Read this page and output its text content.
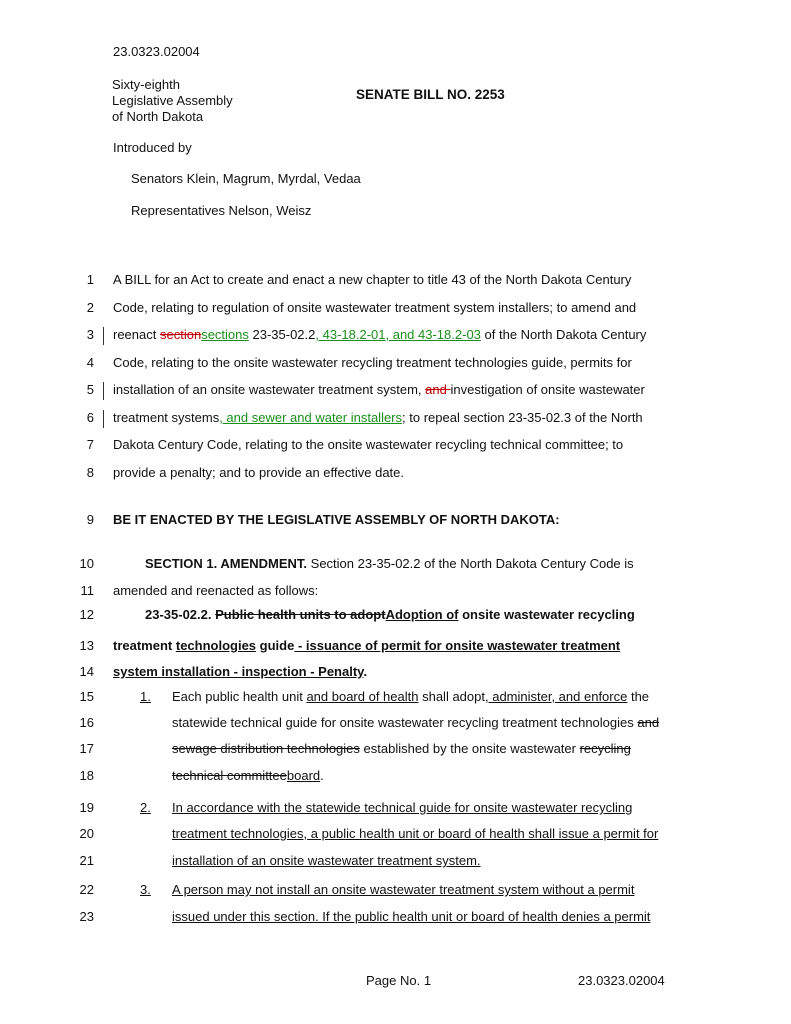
23.0323.02004
Sixty-eighth
Legislative Assembly
of North Dakota
SENATE BILL NO. 2253
Introduced by
Senators Klein, Magrum, Myrdal, Vedaa
Representatives Nelson, Weisz
1 A BILL for an Act to create and enact a new chapter to title 43 of the North Dakota Century
2 Code, relating to regulation of onsite wastewater treatment system installers; to amend and
3 reenact sectionsections 23-35-02.2, 43-18.2-01, and 43-18.2-03 of the North Dakota Century
4 Code, relating to the onsite wastewater recycling treatment technologies guide, permits for
5 installation of an onsite wastewater treatment system, and investigation of onsite wastewater
6 treatment systems, and sewer and water installers; to repeal section 23-35-02.3 of the North
7 Dakota Century Code, relating to the onsite wastewater recycling technical committee; to
8 provide a penalty; and to provide an effective date.
9 BE IT ENACTED BY THE LEGISLATIVE ASSEMBLY OF NORTH DAKOTA:
10	SECTION 1. AMENDMENT. Section 23-35-02.2 of the North Dakota Century Code is
11 amended and reenacted as follows:
12	23-35-02.2. Public health units to adoptAdoption of onsite wastewater recycling
13 treatment technologies guide - issuance of permit for onsite wastewater treatment
14 system installation - inspection - Penalty.
15	1. Each public health unit and board of health shall adopt, administer, and enforce the
16	statewide technical guide for onsite wastewater recycling treatment technologies and
17	sewage distribution technologies established by the onsite wastewater recycling
18	technical committeeboard.
19	2. In accordance with the statewide technical guide for onsite wastewater recycling
20	treatment technologies, a public health unit or board of health shall issue a permit for
21	installation of an onsite wastewater treatment system.
22	3. A person may not install an onsite wastewater treatment system without a permit
23	issued under this section. If the public health unit or board of health denies a permit
Page No. 1	23.0323.02004
